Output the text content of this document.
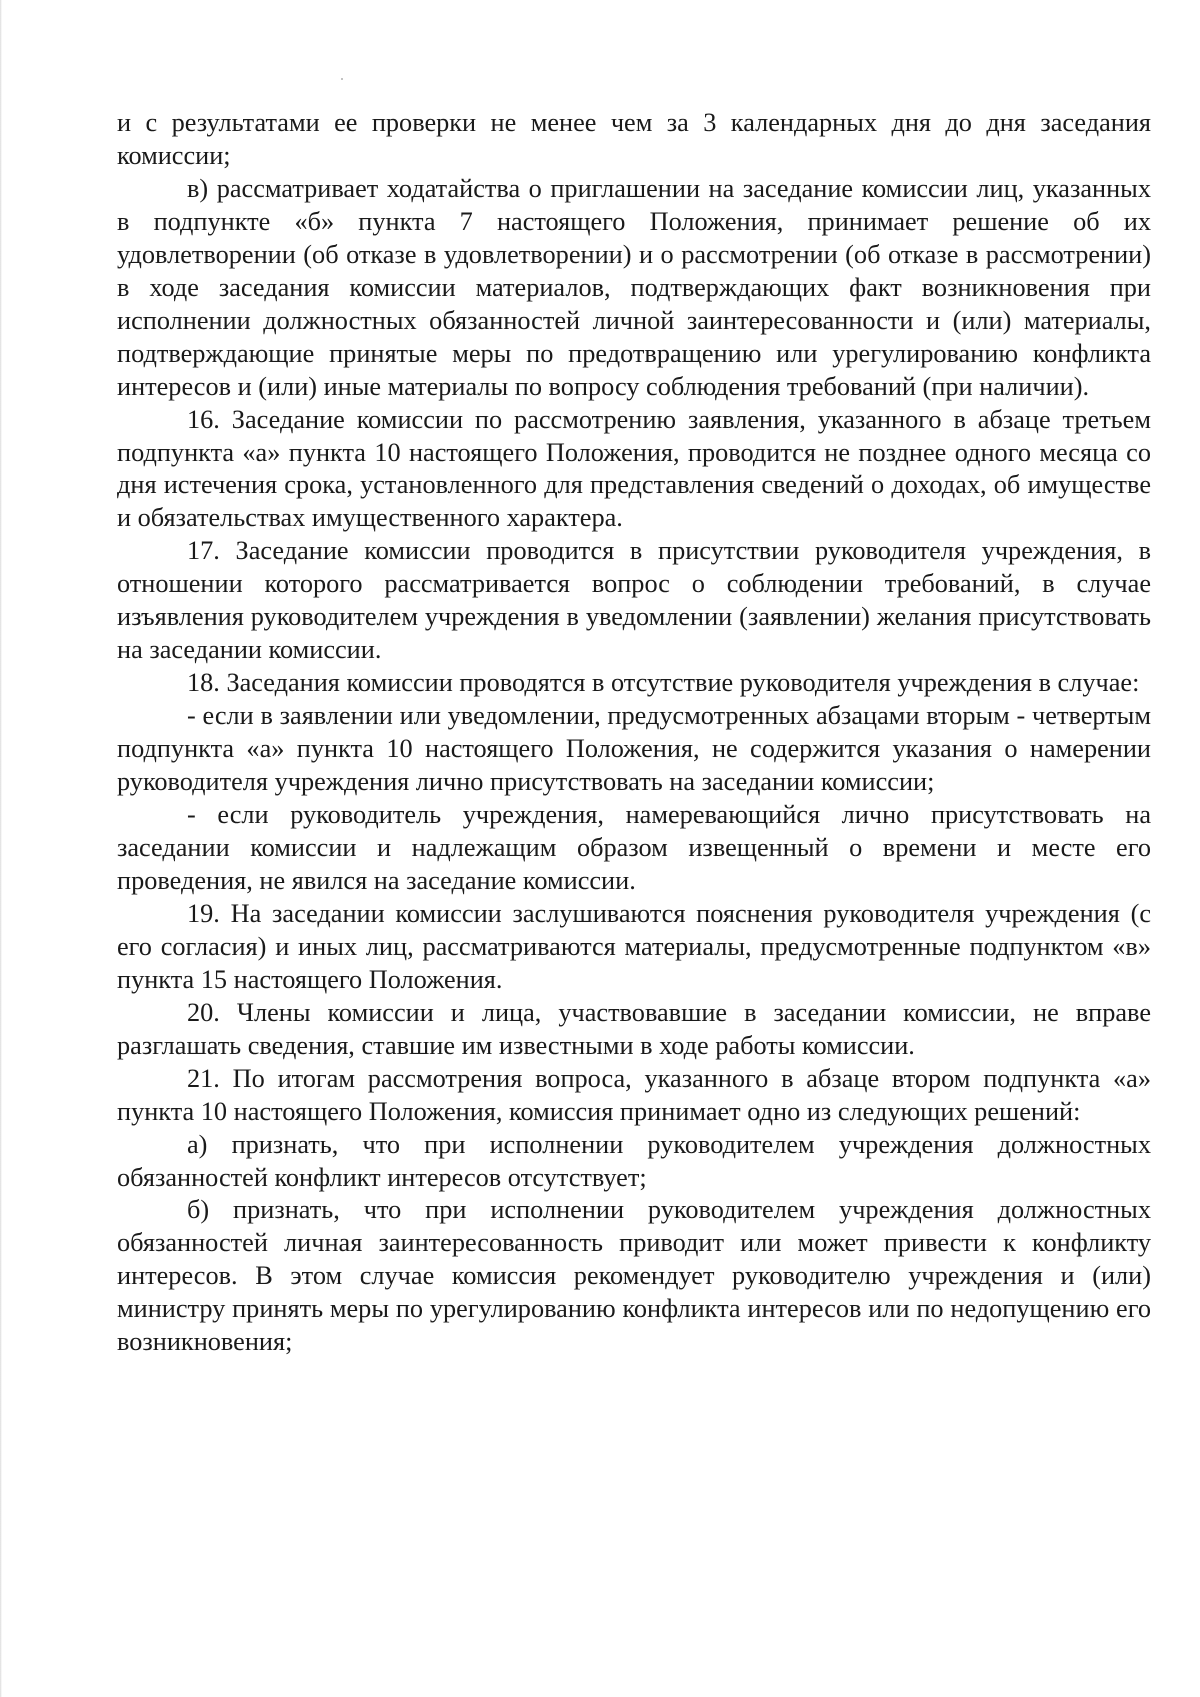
и с результатами ее проверки не менее чем за 3 календарных дня до дня заседания комиссии;

в) рассматривает ходатайства о приглашении на заседание комиссии лиц, указанных в подпункте «б» пункта 7 настоящего Положения, принимает решение об их удовлетворении (об отказе в удовлетворении) и о рассмотрении (об отказе в рассмотрении) в ходе заседания комиссии материалов, подтверждающих факт возникновения при исполнении должностных обязанностей личной заинтересованности и (или) материалы, подтверждающие принятые меры по предотвращению или урегулированию конфликта интересов и (или) иные материалы по вопросу соблюдения требований (при наличии).

16. Заседание комиссии по рассмотрению заявления, указанного в абзаце третьем подпункта «а» пункта 10 настоящего Положения, проводится не позднее одного месяца со дня истечения срока, установленного для представления сведений о доходах, об имуществе и обязательствах имущественного характера.

17. Заседание комиссии проводится в присутствии руководителя учреждения, в отношении которого рассматривается вопрос о соблюдении требований, в случае изъявления руководителем учреждения в уведомлении (заявлении) желания присутствовать на заседании комиссии.

18. Заседания комиссии проводятся в отсутствие руководителя учреждения в случае:

- если в заявлении или уведомлении, предусмотренных абзацами вторым - четвертым подпункта «а» пункта 10 настоящего Положения, не содержится указания о намерении руководителя учреждения лично присутствовать на заседании комиссии;

- если руководитель учреждения, намеревающийся лично присутствовать на заседании комиссии и надлежащим образом извещенный о времени и месте его проведения, не явился на заседание комиссии.

19. На заседании комиссии заслушиваются пояснения руководителя учреждения (с его согласия) и иных лиц, рассматриваются материалы, предусмотренные подпунктом «в» пункта 15 настоящего Положения.

20. Члены комиссии и лица, участвовавшие в заседании комиссии, не вправе разглашать сведения, ставшие им известными в ходе работы комиссии.

21. По итогам рассмотрения вопроса, указанного в абзаце втором подпункта «а» пункта 10 настоящего Положения, комиссия принимает одно из следующих решений:

а) признать, что при исполнении руководителем учреждения должностных обязанностей конфликт интересов отсутствует;

б) признать, что при исполнении руководителем учреждения должностных обязанностей личная заинтересованность приводит или может привести к конфликту интересов. В этом случае комиссия рекомендует руководителю учреждения и (или) министру принять меры по урегулированию конфликта интересов или по недопущению его возникновения;
